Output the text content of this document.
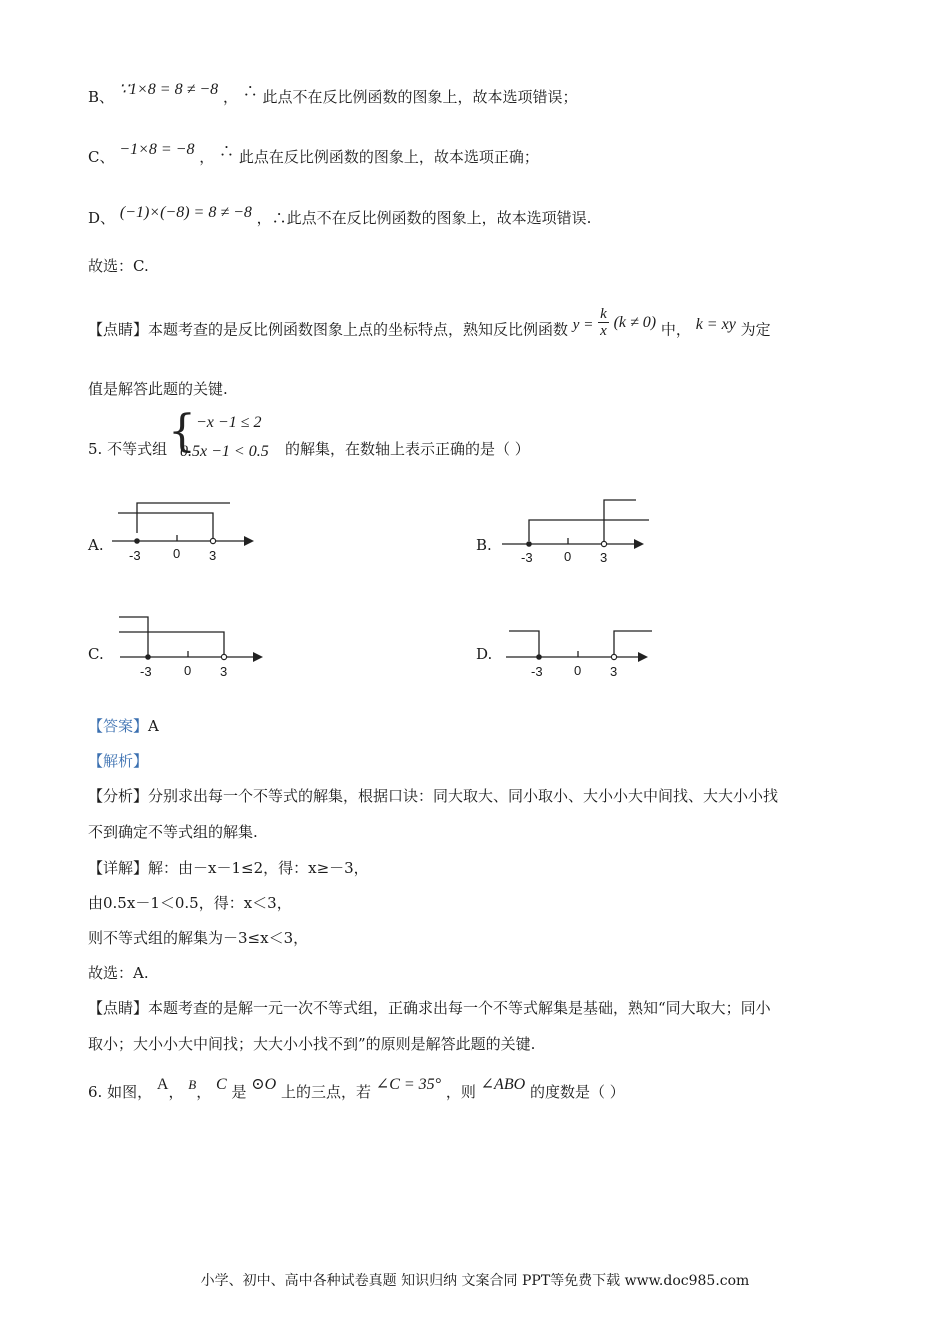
B、 ∵1×8 = 8 ≠ −8 ， ∴ 此点不在反比例函数的图象上，故本选项错误；
C、 −1×8 = −8 ， ∴ 此点在反比例函数的图象上，故本选项正确；
D、 (−1)×(−8) = 8 ≠ −8 ，∴此点不在反比例函数的图象上，故本选项错误.
故选：C.
【点睛】本题考查的是反比例函数图象上点的坐标特点，熟知反比例函数 $y = \frac{k}{x} (k \ne 0)$ 中， k = xy 为定
值是解答此题的关键.
5. 不等式组 { −x −1 ≤ 2
0.5x −1 < 0.5 的解集，在数轴上表示正确的是（ ）
A.
-3 0 3
B.
-3 0 3
C.
-3 0 3
D.
-3 0 3
【答案】A
【解析】
【分析】分别求出每一个不等式的解集，根据口诀：同大取大、同小取小、大小小大中间找、大大小小找
不到确定不等式组的解集.
【详解】解：由－x－1≤2，得：x≥－3，
由0.5x－1＜0.5，得：x＜3，
则不等式组的解集为－3≤x＜3，
故选：A.
【点睛】本题考查的是解一元一次不等式组，正确求出每一个不等式解集是基础，熟知“同大取大；同小
取小；大小小大中间找；大大小小找不到”的原则是解答此题的关键.
6. 如图， A， B， C 是 ⊙O 上的三点，若 ∠C = 35° ，则 ∠ABO 的度数是（ ）
小学、初中、高中各种试卷真题 知识归纳 文案合同 PPT等免费下载 www.doc985.com
